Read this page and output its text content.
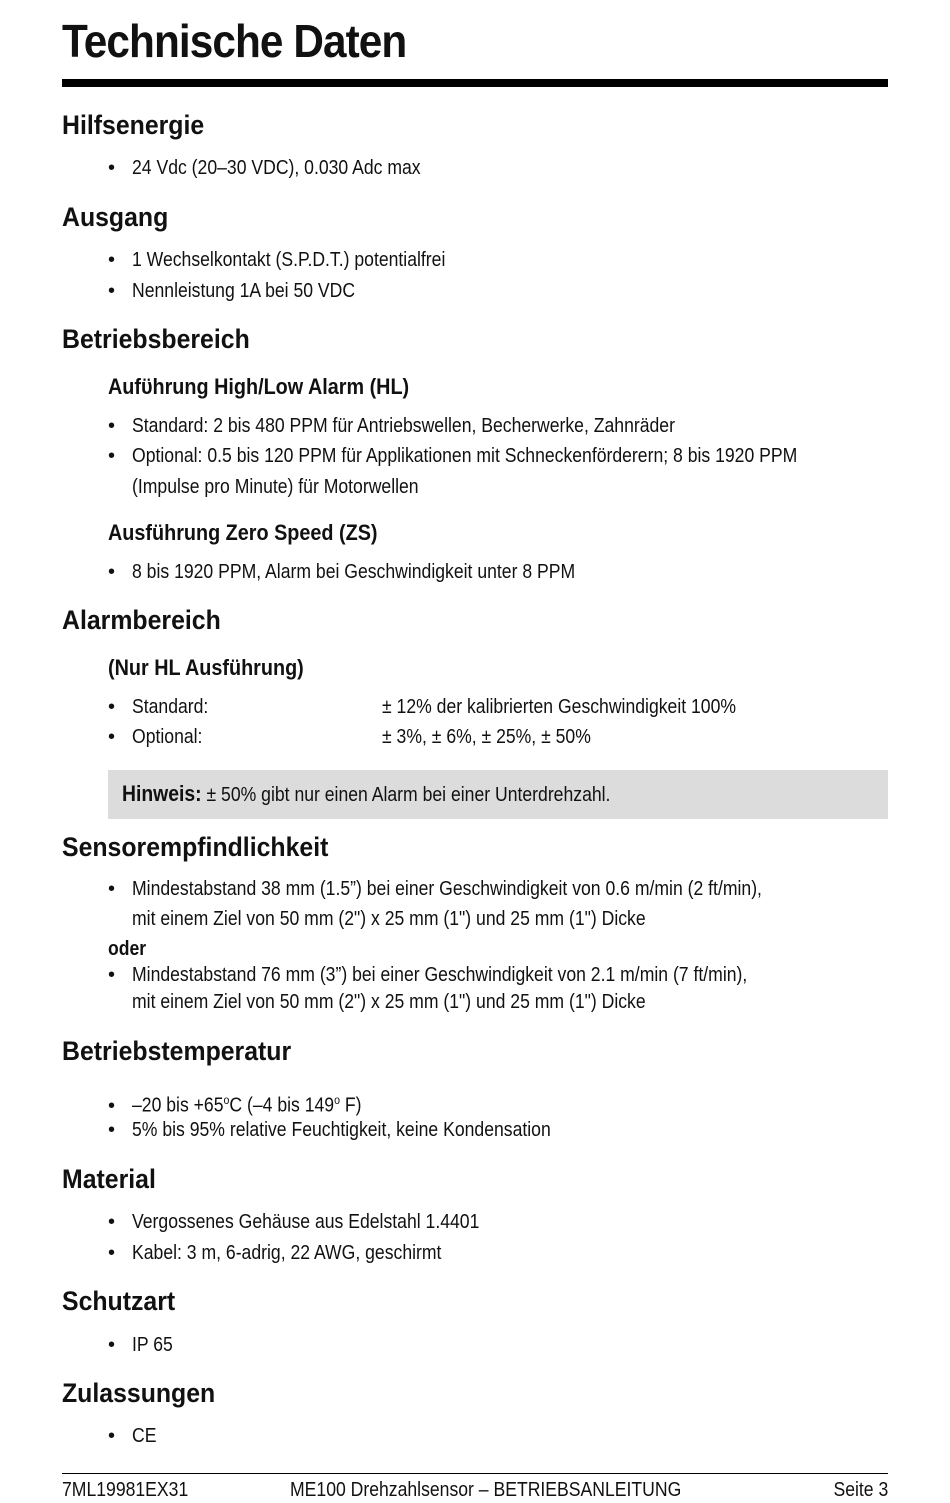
Technische Daten
Hilfsenergie
• 24 Vdc (20–30 VDC), 0.030 Adc max
Ausgang
• 1 Wechselkontakt (S.P.D.T.) potentialfrei
• Nennleistung 1A bei 50 VDC
Betriebsbereich
Aufϋhrung High/Low Alarm (HL)
• Standard: 2 bis 480 PPM für Antriebswellen, Becherwerke, Zahnräder
• Optional: 0.5 bis 120 PPM für Applikationen mit Schneckenförderern; 8 bis 1920 PPM
(Impulse pro Minute) für Motorwellen
Ausführung Zero Speed (ZS)
• 8 bis 1920 PPM, Alarm bei Geschwindigkeit unter 8 PPM
Alarmbereich
(Nur HL Ausführung)
• Standard:	± 12% der kalibrierten Geschwindigkeit 100%
• Optional:	± 3%, ± 6%, ± 25%, ± 50%
Hinweis: ± 50% gibt nur einen Alarm bei einer Unterdrehzahl.
Sensorempfindlichkeit
• Mindestabstand 38 mm (1.5”) bei einer Geschwindigkeit von 0.6 m/min (2 ft/min),
mit einem Ziel von 50 mm (2") x 25 mm (1") und 25 mm (1") Dicke
oder
• Mindestabstand 76 mm (3”) bei einer Geschwindigkeit von 2.1 m/min (7 ft/min),
mit einem Ziel von 50 mm (2") x 25 mm (1") und 25 mm (1") Dicke
Betriebstemperatur
•–20 bis $+65^oC$ (–4 bis 149$^o$ F)
•5% bis 95% relative Feuchtigkeit, keine Kondensation
Material
• Vergossenes Gehäuse aus Edelstahl 1.4401
• Kabel: 3 m, 6-adrig, 22 AWG, geschirmt
Schutzart
• IP 65
Zulassungen
• CE
7ML19981EX31	ME100 Drehzahlsensor – BETRIEBSANLEITUNG	Seite 3
